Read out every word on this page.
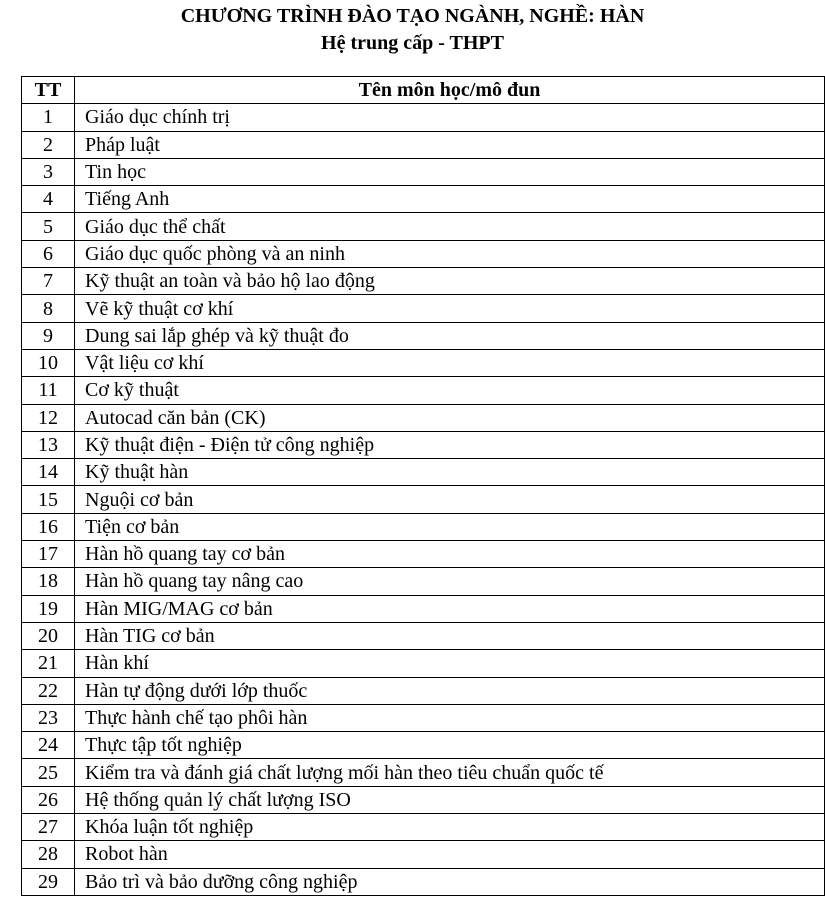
CHƯƠNG TRÌNH ĐÀO TẠO NGÀNH, NGHỀ: HÀN
Hệ trung cấp - THPT
TT	Tên môn học/mô đun
1	Giáo dục chính trị
2	Pháp luật
3	Tin học
4	Tiếng Anh
5	Giáo dục thể chất
6	Giáo dục quốc phòng và an ninh
7	Kỹ thuật an toàn và bảo hộ lao động
8	Vẽ kỹ thuật cơ khí
9	Dung sai lắp ghép và kỹ thuật đo
10	Vật liệu cơ khí
11	Cơ kỹ thuật
12	Autocad căn bản (CK)
13	Kỹ thuật điện - Điện tử công nghiệp
14	Kỹ thuật hàn
15	Nguội cơ bản
16	Tiện cơ bản
17	Hàn hồ quang tay cơ bản
18	Hàn hồ quang tay nâng cao
19	Hàn MIG/MAG cơ bản
20	Hàn TIG cơ bản
21	Hàn khí
22	Hàn tự động dưới lớp thuốc
23	Thực hành chế tạo phôi hàn
24	Thực tập tốt nghiệp
25	Kiểm tra và đánh giá chất lượng mối hàn theo tiêu chuẩn quốc tế
26	Hệ thống quản lý chất lượng ISO
27	Khóa luận tốt nghiệp
28	Robot hàn
29	Bảo trì và bảo dưỡng công nghiệp
